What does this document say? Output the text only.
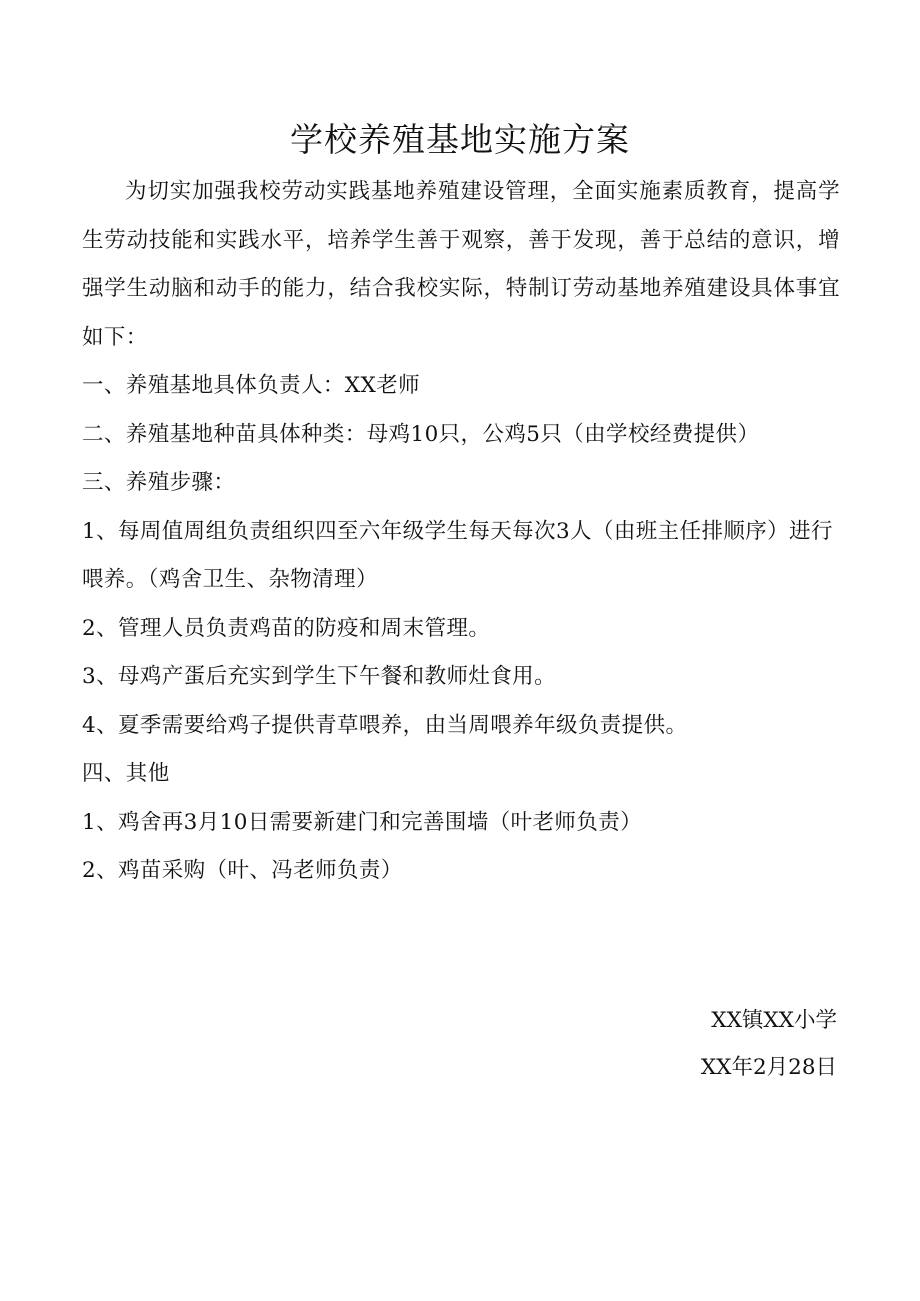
学校养殖基地实施方案

为切实加强我校劳动实践基地养殖建设管理，全面实施素质教育，提高学生劳动技能和实践水平，培养学生善于观察，善于发现，善于总结的意识，增强学生动脑和动手的能力，结合我校实际，特制订劳动基地养殖建设具体事宜如下：

一、养殖基地具体负责人：XX老师

二、养殖基地种苗具体种类：母鸡10只，公鸡5只（由学校经费提供）

三、养殖步骤：

1、每周值周组负责组织四至六年级学生每天每次3人（由班主任排顺序）进行喂养。（鸡舍卫生、杂物清理）

2、管理人员负责鸡苗的防疫和周末管理。

3、母鸡产蛋后充实到学生下午餐和教师灶食用。

4、夏季需要给鸡子提供青草喂养，由当周喂养年级负责提供。

四、其他

1、鸡舍再3月10日需要新建门和完善围墙（叶老师负责）

2、鸡苗采购（叶、冯老师负责）

XX镇XX小学

XX年2月28日
